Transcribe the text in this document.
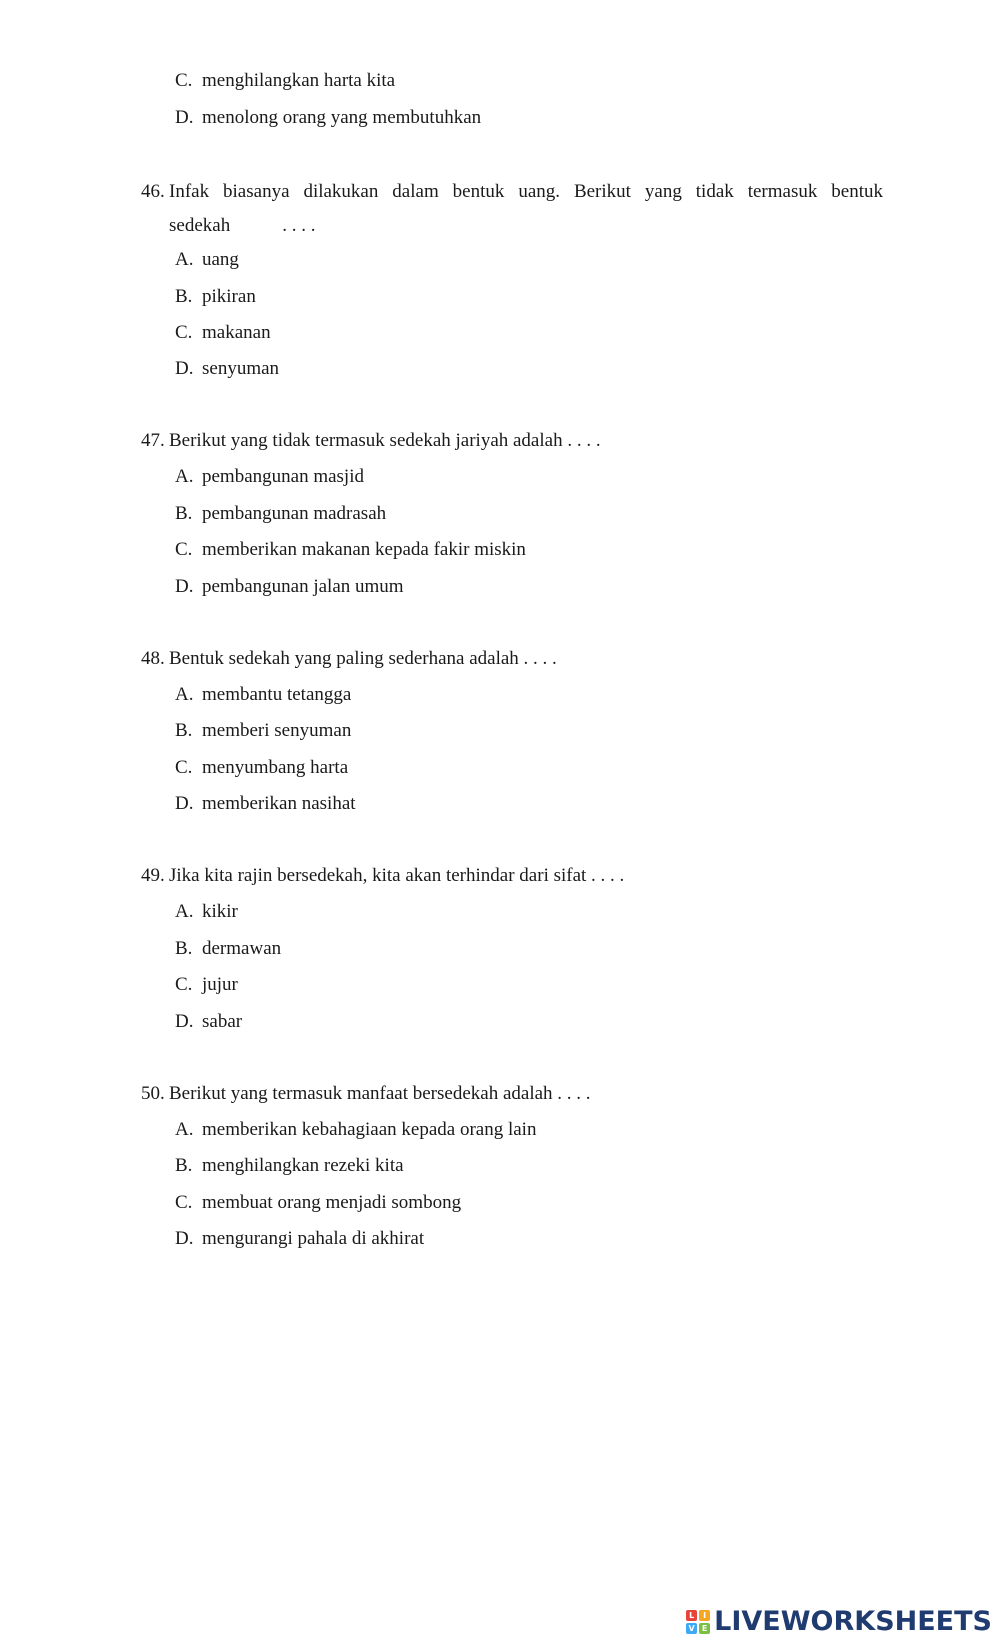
C. menghilangkan harta kita
D. menolong orang yang membutuhkan
46. Infak biasanya dilakukan dalam bentuk uang. Berikut yang tidak termasuk bentuk
sedekah	. . . .
A. uang
B. pikiran
C. makanan
D. senyuman
47. Berikut yang tidak termasuk sedekah jariyah adalah . . . .
A. pembangunan masjid
B. pembangunan madrasah
C. memberikan makanan kepada fakir miskin
D. pembangunan jalan umum
48. Bentuk sedekah yang paling sederhana adalah . . . .
A. membantu tetangga
B. memberi senyuman
C. menyumbang harta
D. memberikan nasihat
49. Jika kita rajin bersedekah, kita akan terhindar dari sifat . . . .
A. kikir
B. dermawan
C. jujur
D. sabar
50. Berikut yang termasuk manfaat bersedekah adalah . . . .
A. memberikan kebahagiaan kepada orang lain
B. menghilangkan rezeki kita
C. membuat orang menjadi sombong
D. mengurangi pahala di akhirat
L	I
V E LIVEWORKSHEETS
